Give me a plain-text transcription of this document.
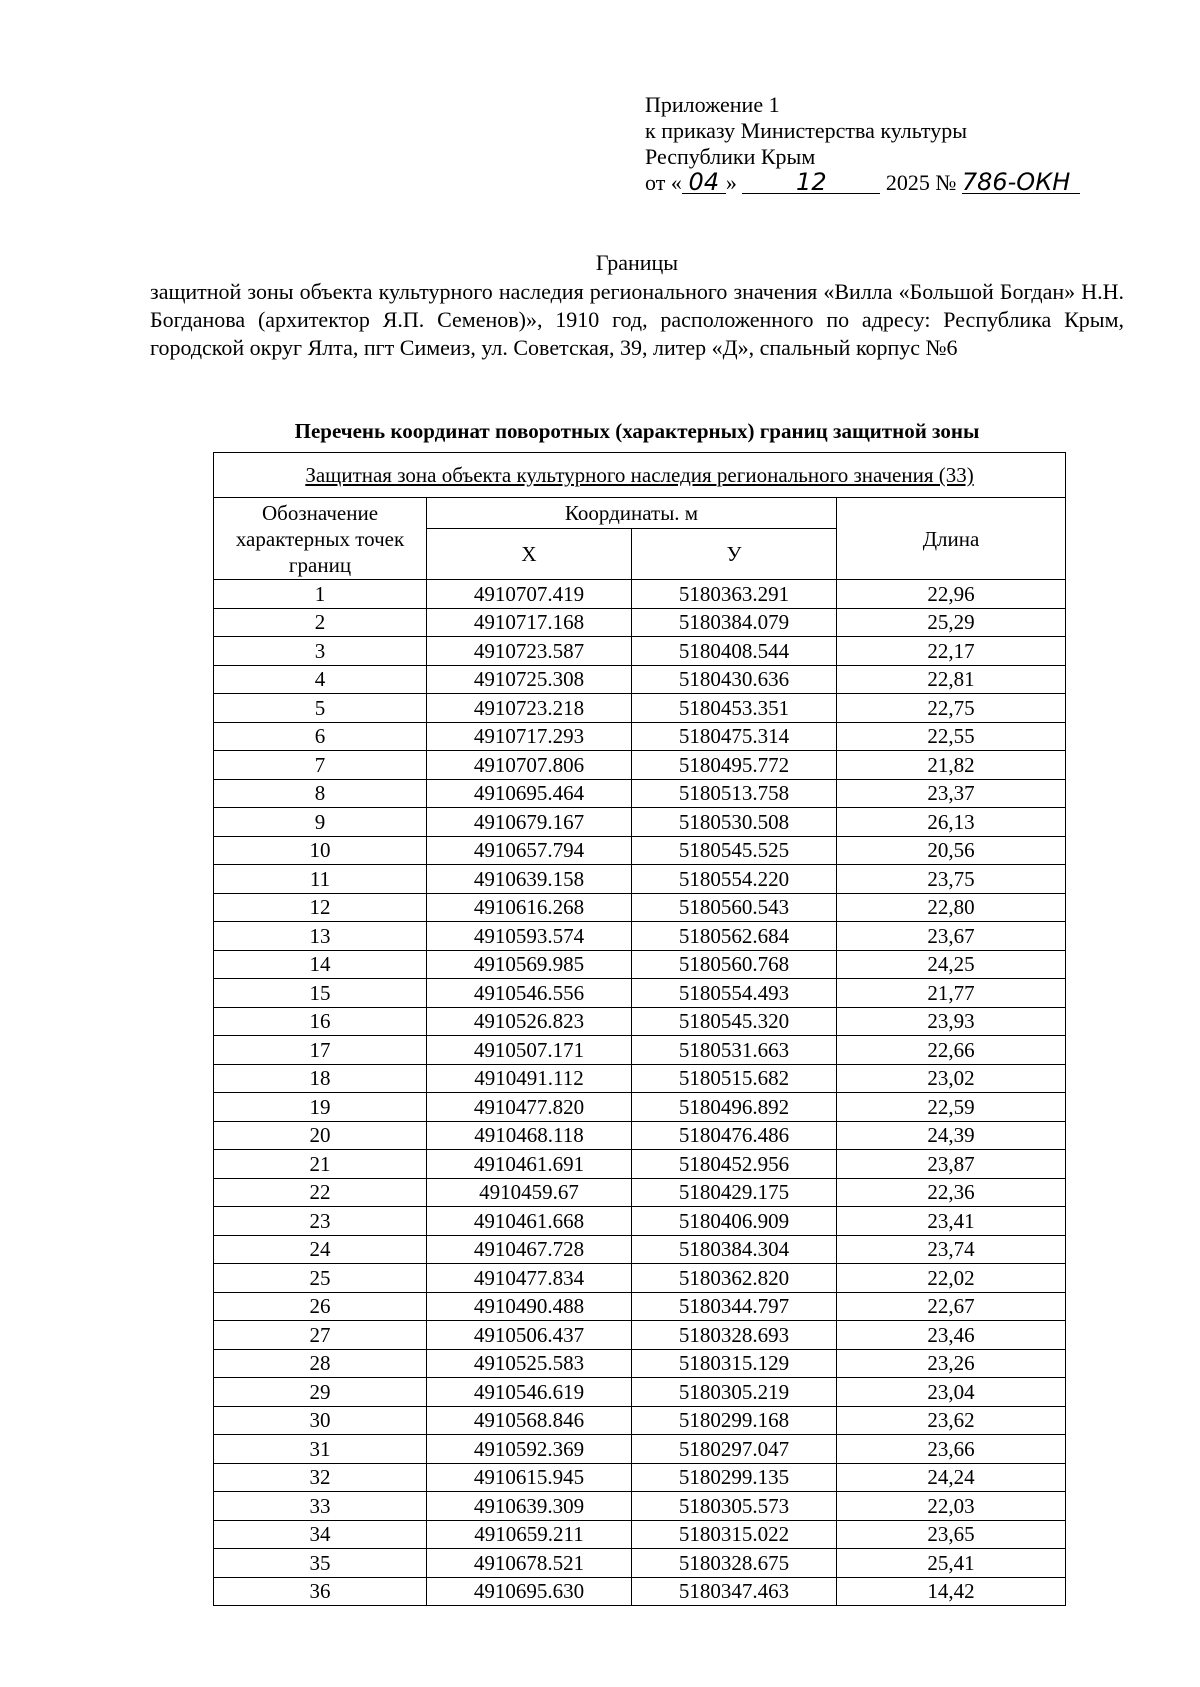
Приложение 1
к приказу Министерства культуры
Республики Крым
от « 04 » 12	2025 № 786-ОКН
Границы
защитной зоны объекта культурного наследия регионального значения «Вилла «Большой Богдан» Н.Н. Богданова (архитектор Я.П. Семенов)», 1910 год, расположенного по адресу: Республика Крым, городской округ Ялта, пгт Симеиз, ул. Советская, 39, литер «Д», спальный корпус №6
Перечень координат поворотных (характерных) границ защитной зоны
Защитная зона объекта культурного наследия регионального значения (33)			
Обозначение характерных точек границ	Координаты. м		Длина
	X	У	
1	4910707.419	5180363.291	22,96
2	4910717.168	5180384.079	25,29
3	4910723.587	5180408.544	22,17
4	4910725.308	5180430.636	22,81
5	4910723.218	5180453.351	22,75
6	4910717.293	5180475.314	22,55
7	4910707.806	5180495.772	21,82
8	4910695.464	5180513.758	23,37
9	4910679.167	5180530.508	26,13
10	4910657.794	5180545.525	20,56
11	4910639.158	5180554.220	23,75
12	4910616.268	5180560.543	22,80
13	4910593.574	5180562.684	23,67
14	4910569.985	5180560.768	24,25
15	4910546.556	5180554.493	21,77
16	4910526.823	5180545.320	23,93
17	4910507.171	5180531.663	22,66
18	4910491.112	5180515.682	23,02
19	4910477.820	5180496.892	22,59
20	4910468.118	5180476.486	24,39
21	4910461.691	5180452.956	23,87
22	4910459.67	5180429.175	22,36
23	4910461.668	5180406.909	23,41
24	4910467.728	5180384.304	23,74
25	4910477.834	5180362.820	22,02
26	4910490.488	5180344.797	22,67
27	4910506.437	5180328.693	23,46
28	4910525.583	5180315.129	23,26
29	4910546.619	5180305.219	23,04
30	4910568.846	5180299.168	23,62
31	4910592.369	5180297.047	23,66
32	4910615.945	5180299.135	24,24
33	4910639.309	5180305.573	22,03
34	4910659.211	5180315.022	23,65
35	4910678.521	5180328.675	25,41
36	4910695.630	5180347.463	14,42
